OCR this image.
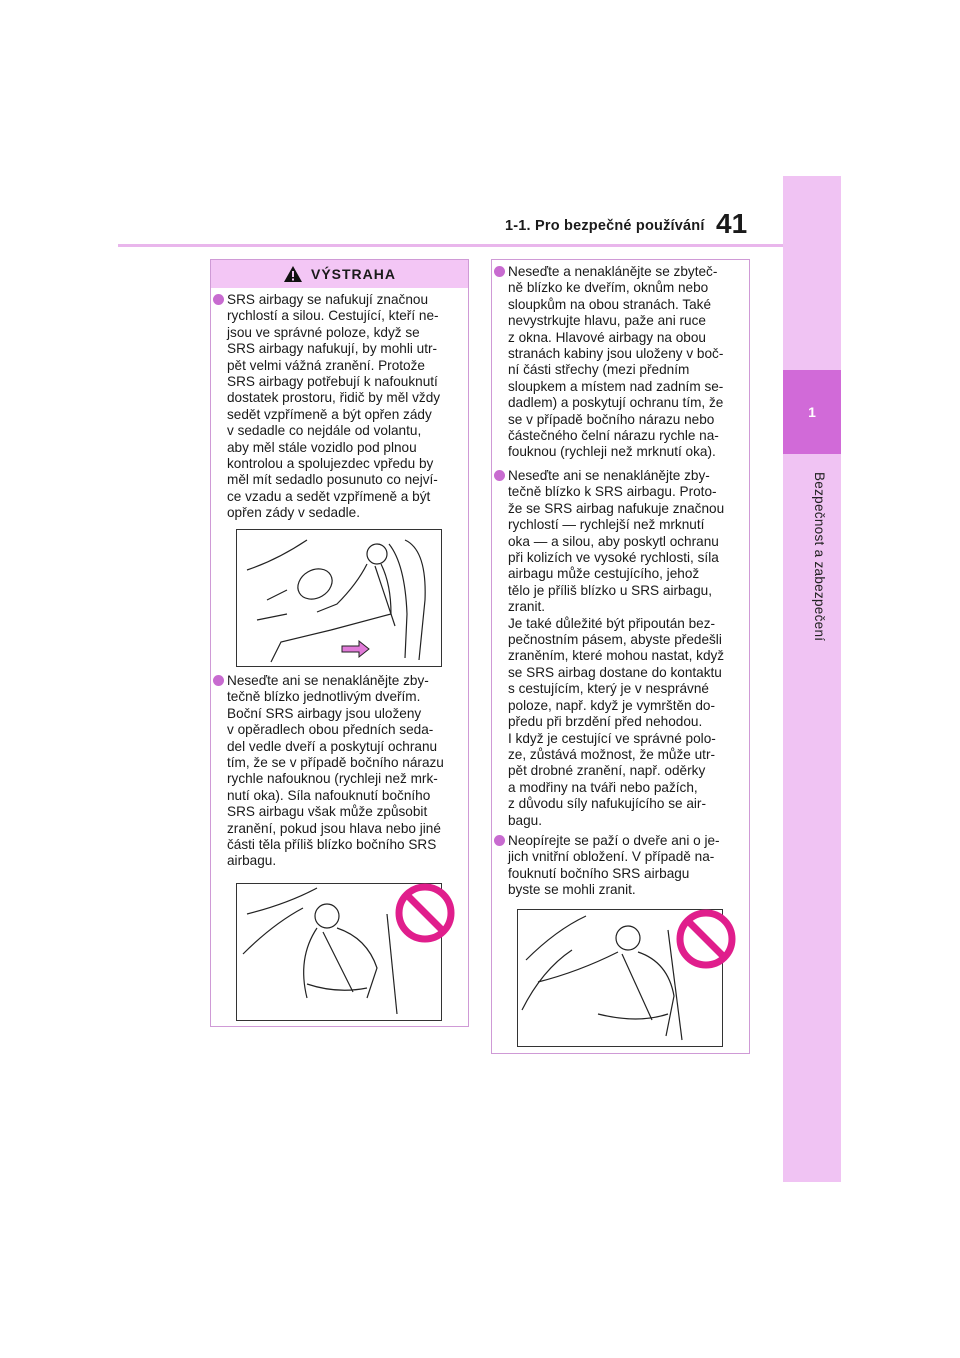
1-1. Pro bezpečné používání 41
1
Bezpečnost a zabezpečení
VÝSTRAHA
SRS airbagy se nafukují značnou
rychlostí a silou. Cestující, kteří ne-
jsou ve správné poloze, když se
SRS airbagy nafukují, by mohli utr-
pět velmi vážná zranění. Protože
SRS airbagy potřebují k nafouknutí
dostatek prostoru, řidič by měl vždy
sedět vzpřímeně a být opřen zády
v sedadle co nejdále od volantu,
aby měl stále vozidlo pod plnou
kontrolou a spolujezdec vpředu by
měl mít sedadlo posunuto co nejví-
ce vzadu a sedět vzpřímeně a být
opřen zády v sedadle.
Neseďte ani se nenaklánějte zby-
tečně blízko jednotlivým dveřím.
Boční SRS airbagy jsou uloženy
v opěradlech obou předních seda-
del vedle dveří a poskytují ochranu
tím, že se v případě bočního nárazu
rychle nafouknou (rychleji než mrk-
nutí oka). Síla nafouknutí bočního
SRS airbagu však může způsobit
zranění, pokud jsou hlava nebo jiné
části těla příliš blízko bočního SRS
airbagu.
Neseďte a nenaklánějte se zbyteč-
ně blízko ke dveřím, oknům nebo
sloupkům na obou stranách. Také
nevystrkujte hlavu, paže ani ruce
z okna. Hlavové airbagy na obou
stranách kabiny jsou uloženy v boč-
ní části střechy (mezi předním
sloupkem a místem nad zadním se-
dadlem) a poskytují ochranu tím, že
se v případě bočního nárazu nebo
částečného čelní nárazu rychle na-
fouknou (rychleji než mrknutí oka).
Neseďte ani se nenaklánějte zby-
tečně blízko k SRS airbagu. Proto-
že se SRS airbag nafukuje značnou
rychlostí — rychlejší než mrknutí
oka — a silou, aby poskytl ochranu
při kolizích ve vysoké rychlosti, síla
airbagu může cestujícího, jehož
tělo je příliš blízko u SRS airbagu,
zranit.
Je také důležité být připoután bez-
pečnostním pásem, abyste předešli
zraněním, které mohou nastat, když
se SRS airbag dostane do kontaktu
s cestujícím, který je v nesprávné
poloze, např. když je vymrštěn do-
předu při brzdění před nehodou.
I když je cestující ve správné polo-
ze, zůstává možnost, že může utr-
pět drobné zranění, např. oděrky
a modřiny na tváři nebo pažích,
z důvodu síly nafukujícího se air-
bagu.
Neopírejte se paží o dveře ani o je-
jich vnitřní obložení. V případě na-
fouknutí bočního SRS airbagu
byste se mohli zranit.
